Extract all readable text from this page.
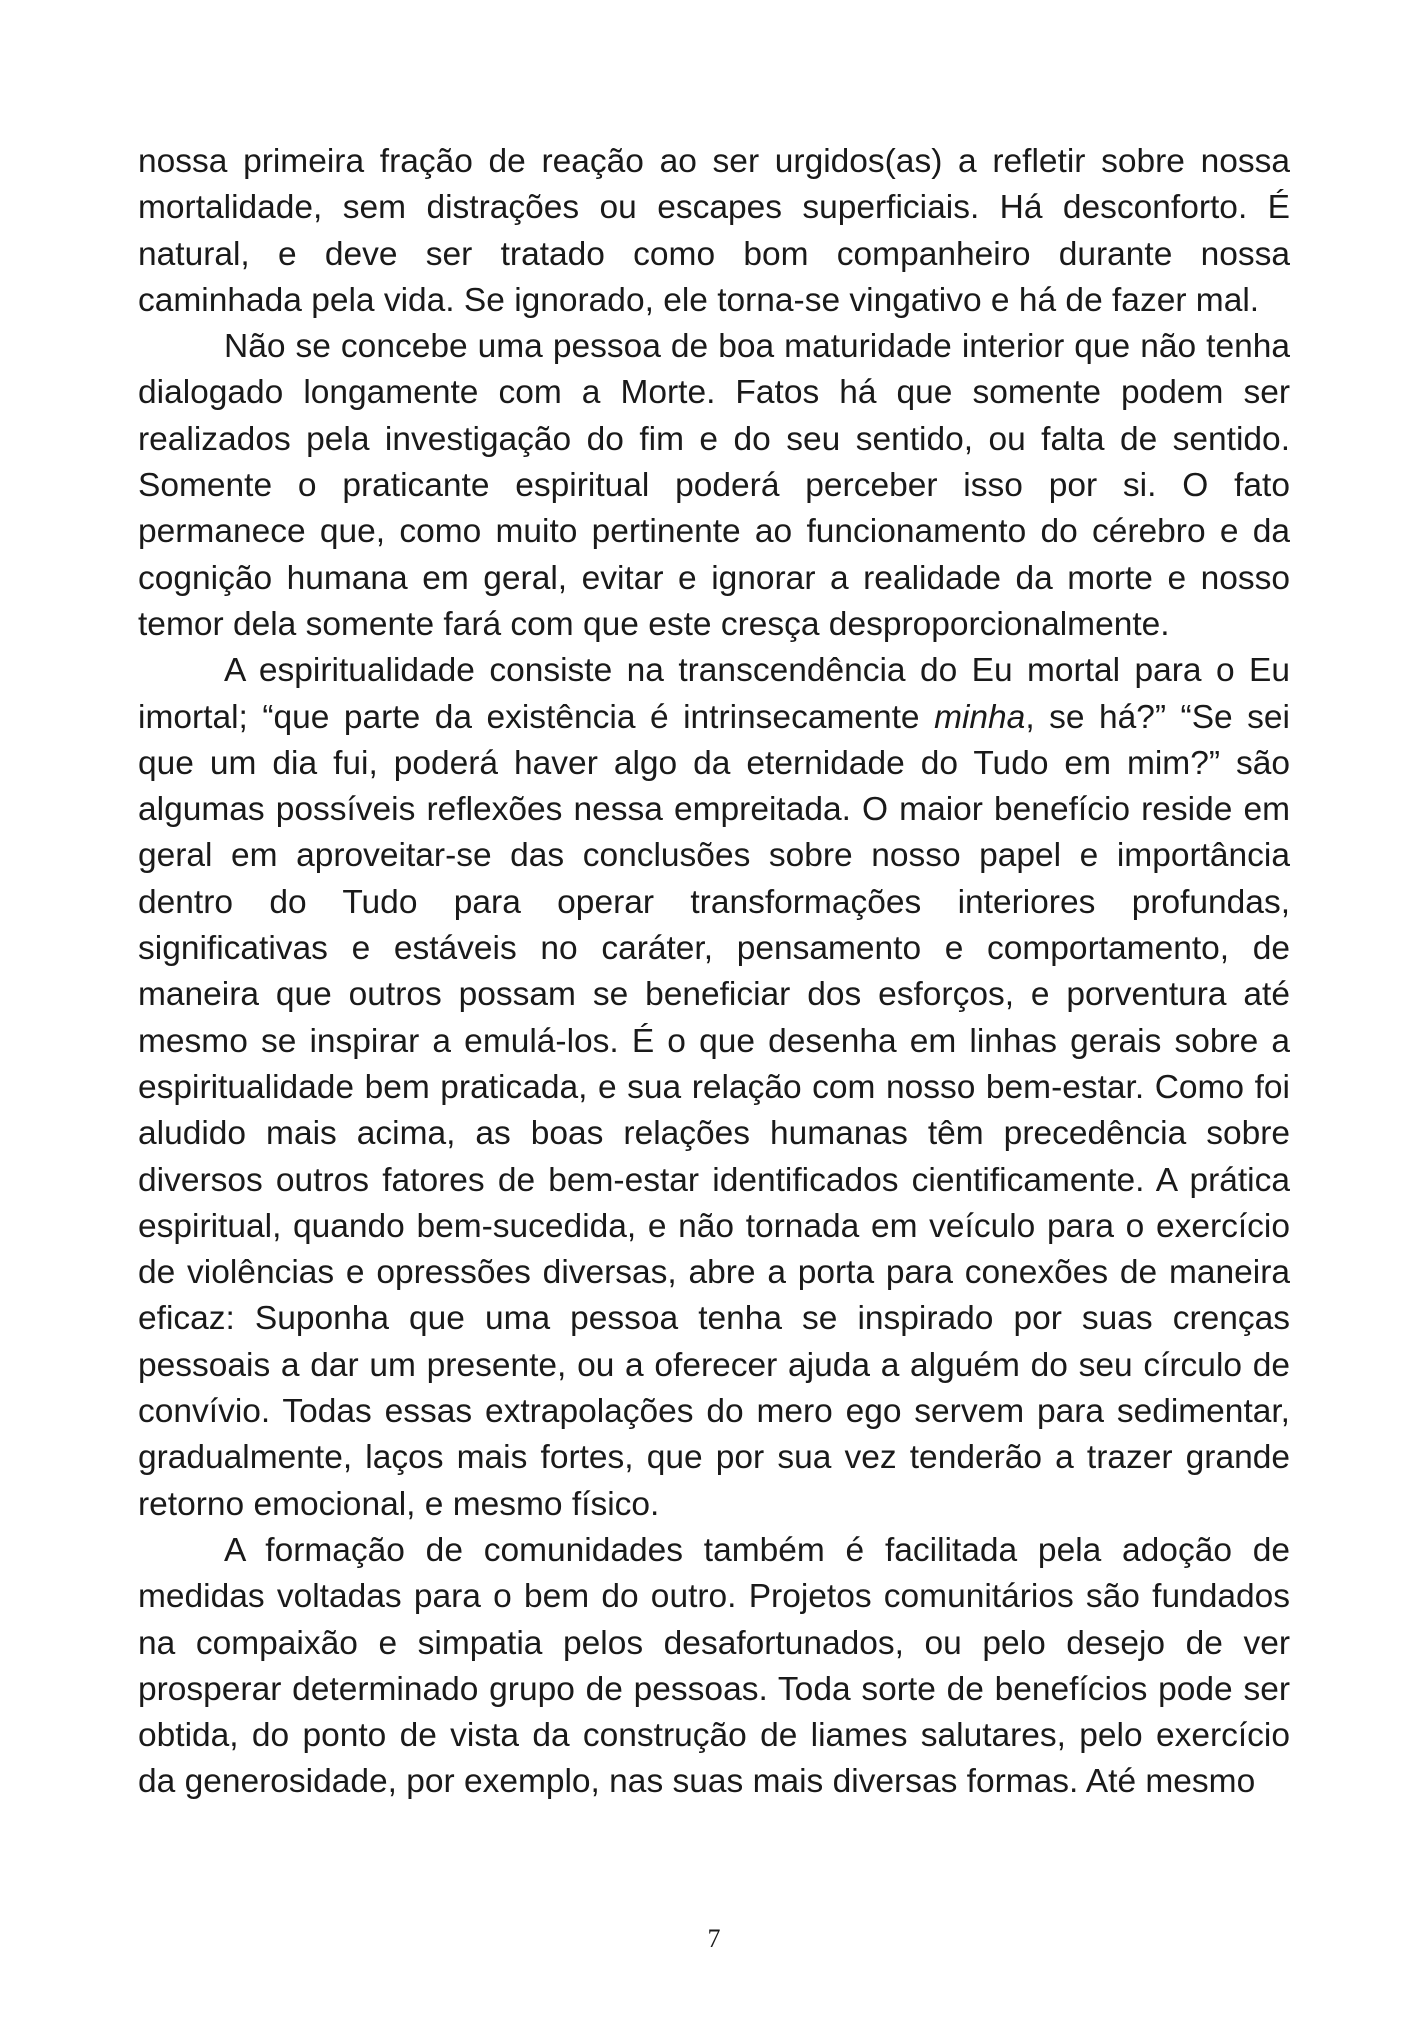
nossa primeira fração de reação ao ser urgidos(as) a refletir sobre nossa mortalidade, sem distrações ou escapes superficiais. Há desconforto. É natural, e deve ser tratado como bom companheiro durante nossa caminhada pela vida. Se ignorado, ele torna-se vingativo e há de fazer mal.

Não se concebe uma pessoa de boa maturidade interior que não tenha dialogado longamente com a Morte. Fatos há que somente podem ser realizados pela investigação do fim e do seu sentido, ou falta de sentido. Somente o praticante espiritual poderá perceber isso por si. O fato permanece que, como muito pertinente ao funcionamento do cérebro e da cognição humana em geral, evitar e ignorar a realidade da morte e nosso temor dela somente fará com que este cresça desproporcionalmente.

A espiritualidade consiste na transcendência do Eu mortal para o Eu imortal; “que parte da existência é intrinsecamente minha, se há?” “Se sei que um dia fui, poderá haver algo da eternidade do Tudo em mim?” são algumas possíveis reflexões nessa empreitada. O maior benefício reside em geral em aproveitar-se das conclusões sobre nosso papel e importância dentro do Tudo para operar transformações interiores profundas, significativas e estáveis no caráter, pensamento e comportamento, de maneira que outros possam se beneficiar dos esforços, e porventura até mesmo se inspirar a emulá-los. É o que desenha em linhas gerais sobre a espiritualidade bem praticada, e sua relação com nosso bem-estar. Como foi aludido mais acima, as boas relações humanas têm precedência sobre diversos outros fatores de bem-estar identificados cientificamente. A prática espiritual, quando bem-sucedida, e não tornada em veículo para o exercício de violências e opressões diversas, abre a porta para conexões de maneira eficaz: Suponha que uma pessoa tenha se inspirado por suas crenças pessoais a dar um presente, ou a oferecer ajuda a alguém do seu círculo de convívio. Todas essas extrapolações do mero ego servem para sedimentar, gradualmente, laços mais fortes, que por sua vez tenderão a trazer grande retorno emocional, e mesmo físico.

A formação de comunidades também é facilitada pela adoção de medidas voltadas para o bem do outro. Projetos comunitários são fundados na compaixão e simpatia pelos desafortunados, ou pelo desejo de ver prosperar determinado grupo de pessoas. Toda sorte de benefícios pode ser obtida, do ponto de vista da construção de liames salutares, pelo exercício da generosidade, por exemplo, nas suas mais diversas formas. Até mesmo

7
